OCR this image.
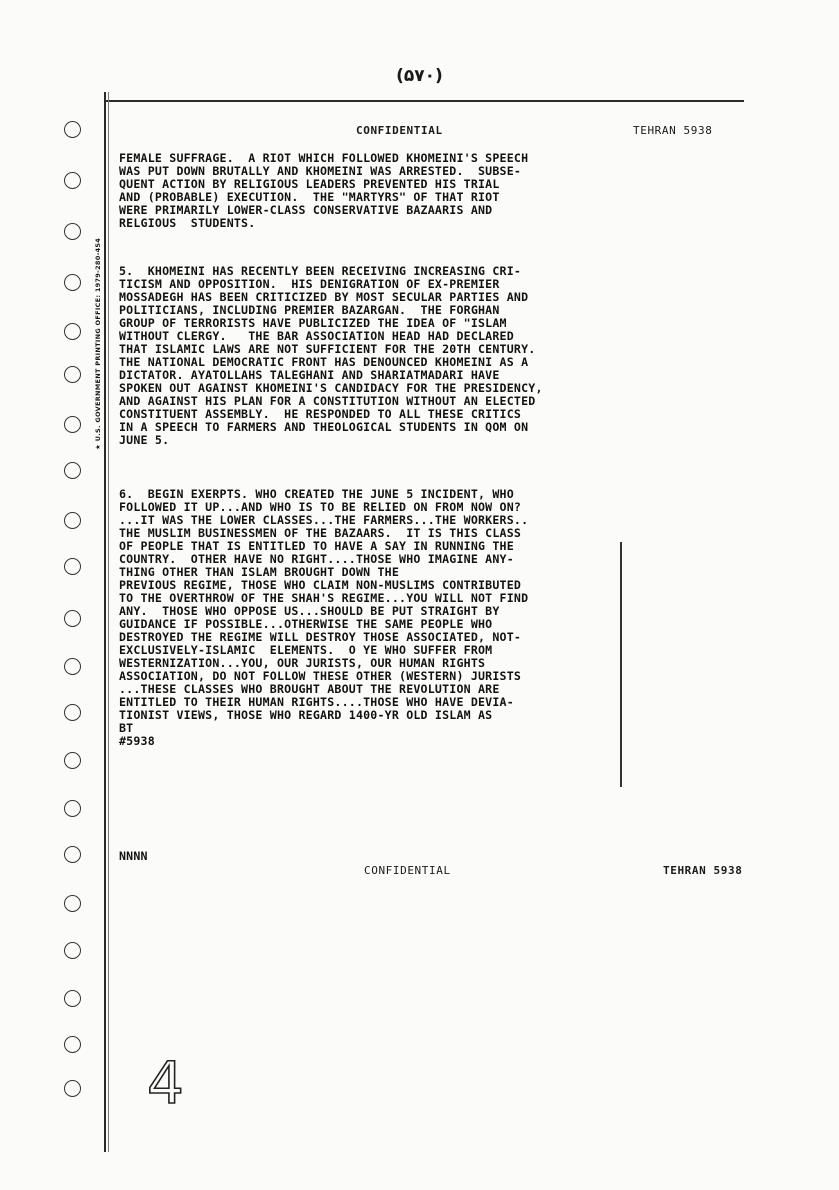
(۵۷۰)
★ U.S. GOVERNMENT PRINTING OFFICE: 1979-280-454
CONFIDENTIAL	TEHRAN 5938
FEMALE SUFFRAGE.  A RIOT WHICH FOLLOWED KHOMEINI'S SPEECH
WAS PUT DOWN BRUTALLY AND KHOMEINI WAS ARRESTED.  SUBSE-
QUENT ACTION BY RELIGIOUS LEADERS PREVENTED HIS TRIAL
AND (PROBABLE) EXECUTION.  THE "MARTYRS" OF THAT RIOT
WERE PRIMARILY LOWER-CLASS CONSERVATIVE BAZAARIS AND
RELGIOUS  STUDENTS.
5.  KHOMEINI HAS RECENTLY BEEN RECEIVING INCREASING CRI-
TICISM AND OPPOSITION.  HIS DENIGRATION OF EX-PREMIER
MOSSADEGH HAS BEEN CRITICIZED BY MOST SECULAR PARTIES AND
POLITICIANS, INCLUDING PREMIER BAZARGAN.  THE FORGHAN
GROUP OF TERRORISTS HAVE PUBLICIZED THE IDEA OF "ISLAM
WITHOUT CLERGY.   THE BAR ASSOCIATION HEAD HAD DECLARED
THAT ISLAMIC LAWS ARE NOT SUFFICIENT FOR THE 20TH CENTURY.
THE NATIONAL DEMOCRATIC FRONT HAS DENOUNCED KHOMEINI AS A
DICTATOR. AYATOLLAHS TALEGHANI AND SHARIATMADARI HAVE
SPOKEN OUT AGAINST KHOMEINI'S CANDIDACY FOR THE PRESIDENCY,
AND AGAINST HIS PLAN FOR A CONSTITUTION WITHOUT AN ELECTED
CONSTITUENT ASSEMBLY.  HE RESPONDED TO ALL THESE CRITICS
IN A SPEECH TO FARMERS AND THEOLOGICAL STUDENTS IN QOM ON
JUNE 5.
6.  BEGIN EXERPTS. WHO CREATED THE JUNE 5 INCIDENT, WHO
FOLLOWED IT UP...AND WHO IS TO BE RELIED ON FROM NOW ON?
...IT WAS THE LOWER CLASSES...THE FARMERS...THE WORKERS..
THE MUSLIM BUSINESSMEN OF THE BAZAARS.  IT IS THIS CLASS
OF PEOPLE THAT IS ENTITLED TO HAVE A SAY IN RUNNING THE
COUNTRY.  OTHER HAVE NO RIGHT....THOSE WHO IMAGINE ANY-
THING OTHER THAN ISLAM BROUGHT DOWN THE
PREVIOUS REGIME, THOSE WHO CLAIM NON-MUSLIMS CONTRIBUTED
TO THE OVERTHROW OF THE SHAH'S REGIME...YOU WILL NOT FIND
ANY.  THOSE WHO OPPOSE US...SHOULD BE PUT STRAIGHT BY
GUIDANCE IF POSSIBLE...OTHERWISE THE SAME PEOPLE WHO
DESTROYED THE REGIME WILL DESTROY THOSE ASSOCIATED, NOT-
EXCLUSIVELY-ISLAMIC  ELEMENTS.  O YE WHO SUFFER FROM
WESTERNIZATION...YOU, OUR JURISTS, OUR HUMAN RIGHTS
ASSOCIATION, DO NOT FOLLOW THESE OTHER (WESTERN) JURISTS
...THESE CLASSES WHO BROUGHT ABOUT THE REVOLUTION ARE
ENTITLED TO THEIR HUMAN RIGHTS....THOSE WHO HAVE DEVIA-
TIONIST VIEWS, THOSE WHO REGARD 1400-YR OLD ISLAM AS
BT
#5938
NNNN
CONFIDENTIAL	TEHRAN 5938
4
